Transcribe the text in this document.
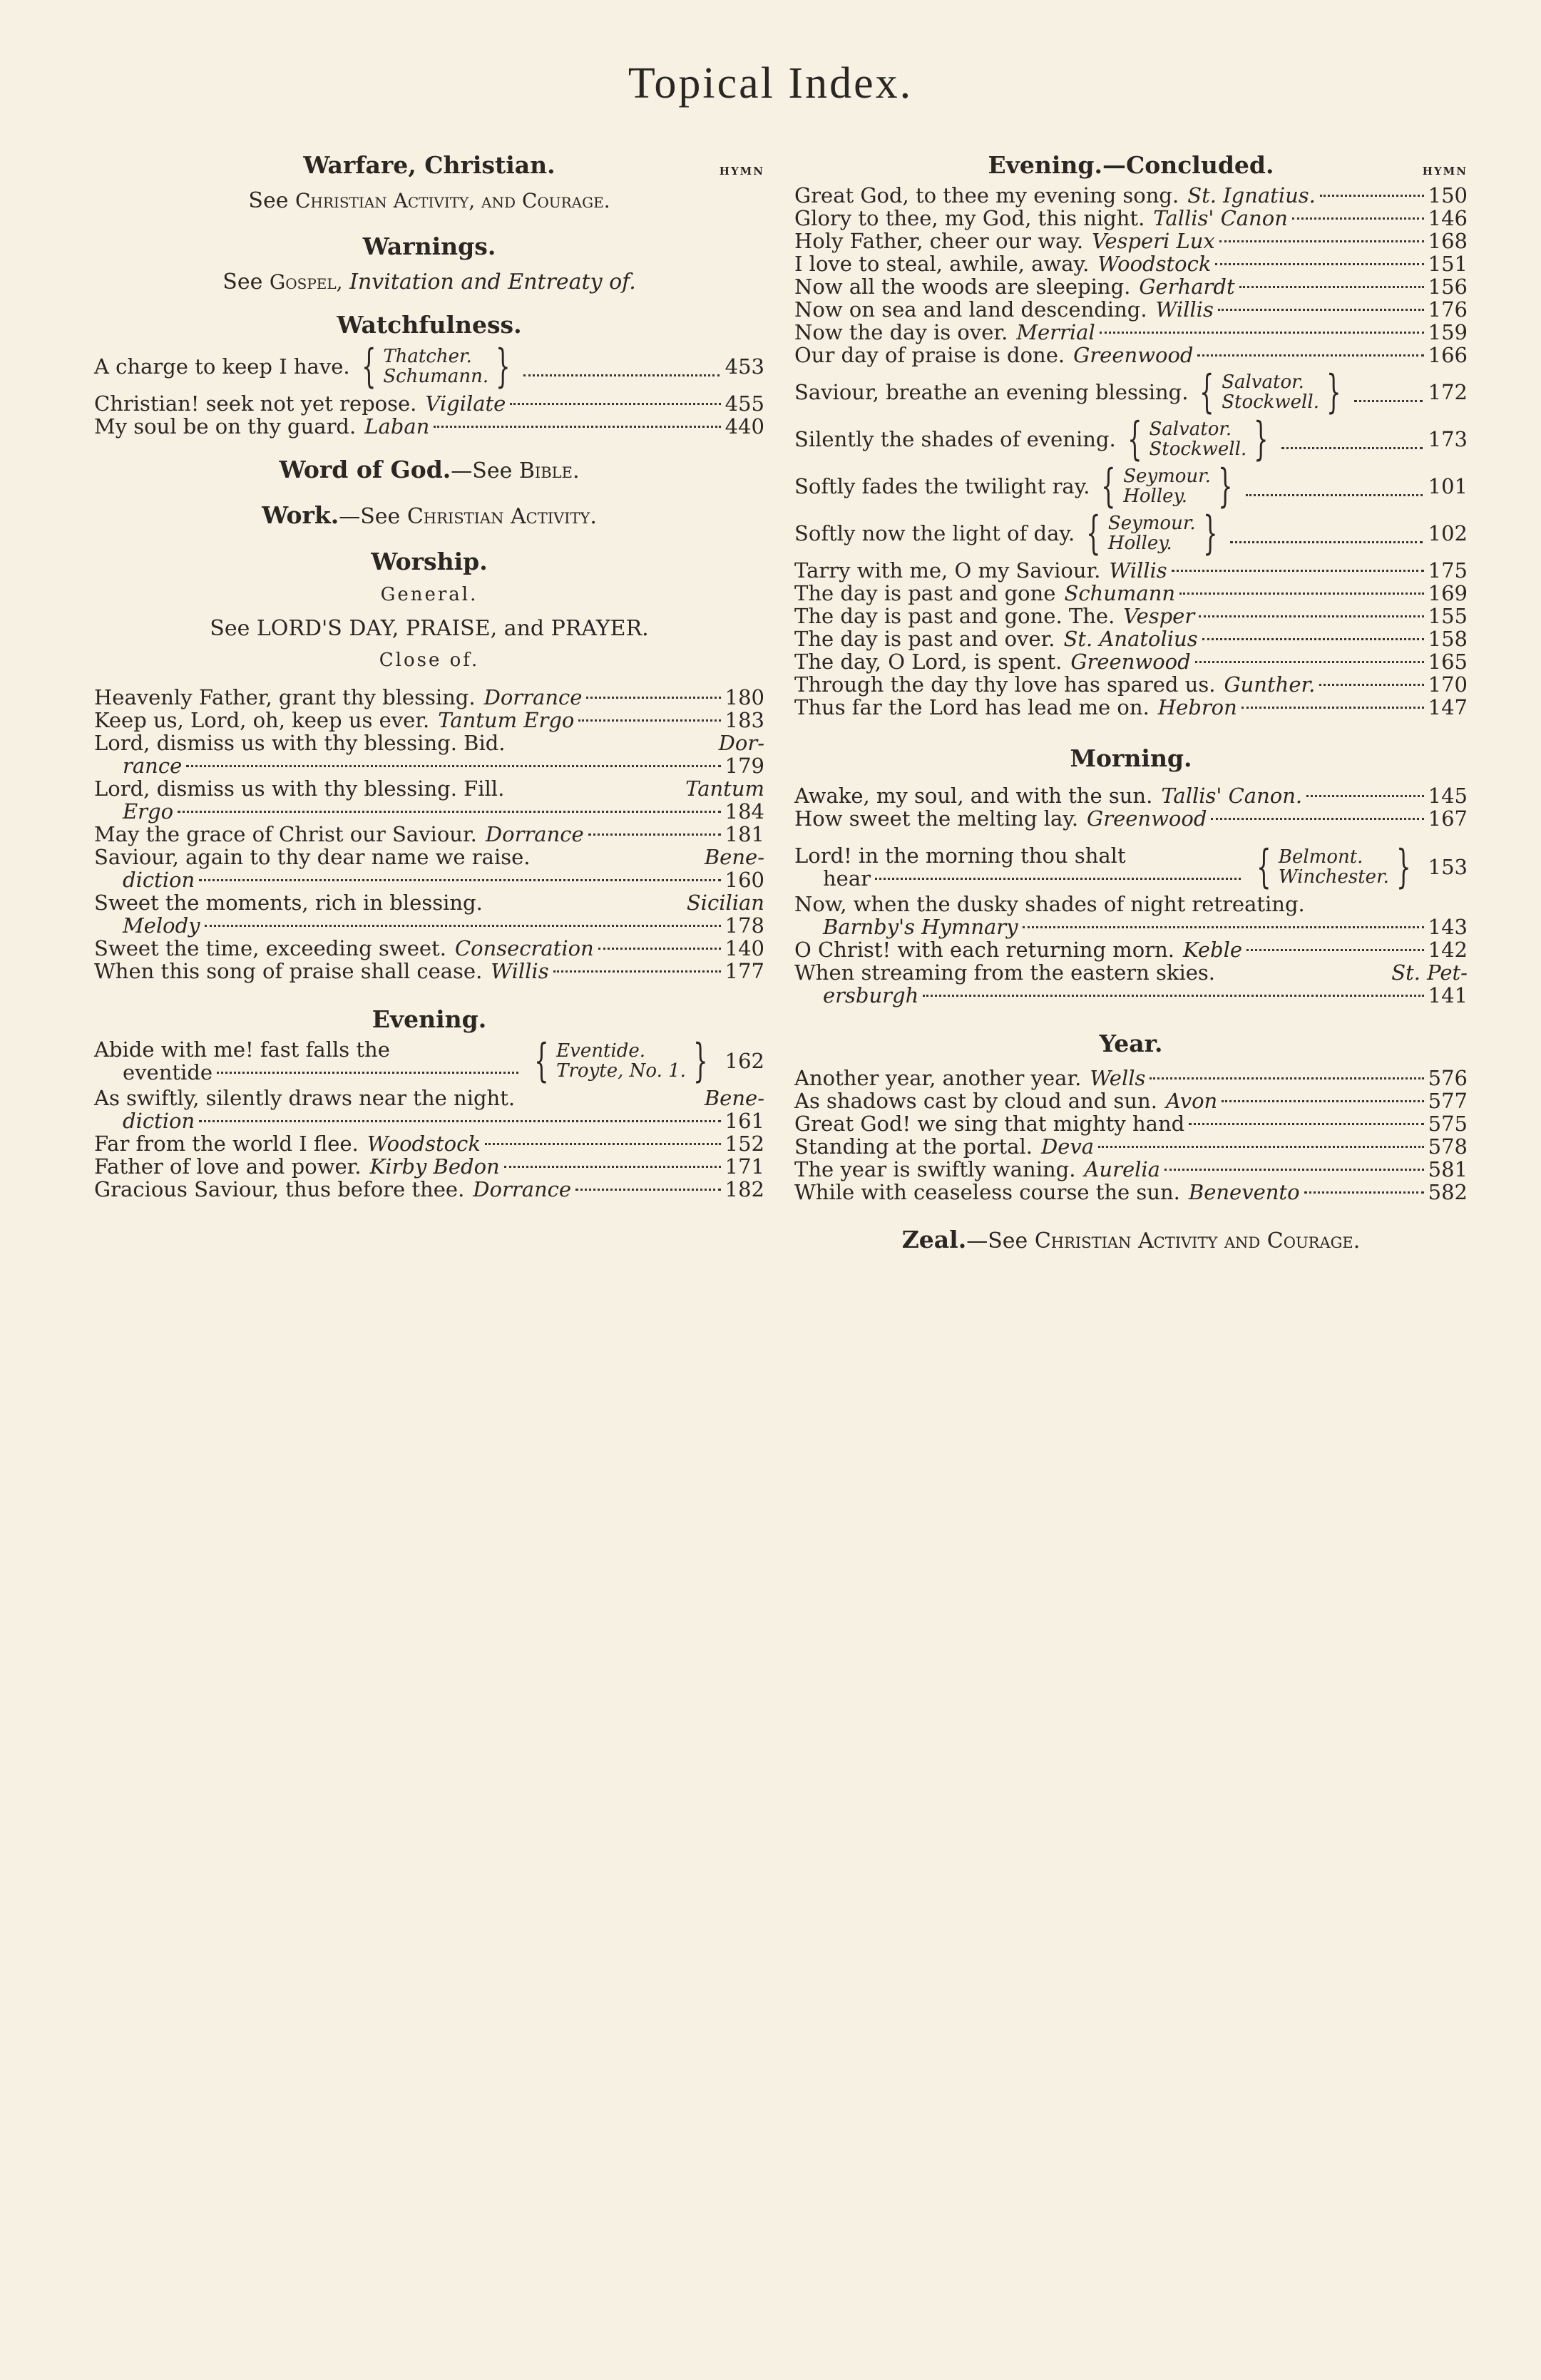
Topical Index.
Warfare, Christian.	HYMN
See Christian Activity, and Courage.
Warnings.
See Gospel, Invitation and Entreaty of.
Watchfulness.
A charge to keep I have. { Thatcher.
Schumann. }	453
Christian! seek not yet repose. Vigilate	455
My soul be on thy guard. Laban	440
Word of God.—See Bible.
Work.—See Christian Activity.
Worship.
General.
See LORD'S DAY, PRAISE, and PRAYER.
Close of.
Heavenly Father, grant thy blessing. Dorrance	180
Keep us, Lord, oh, keep us ever. Tantum Ergo	183
Lord, dismiss us with thy blessing. Bid.	Dor-
rance	179
Lord, dismiss us with thy blessing. Fill.	Tantum
Ergo	184
May the grace of Christ our Saviour. Dorrance	181
Saviour, again to thy dear name we raise.	Bene-
diction	160
Sweet the moments, rich in blessing.	Sicilian
Melody	178
Sweet the time, exceeding sweet. Consecration	140
When this song of praise shall cease. Willis	177
Evening.
Abide with me! fast falls the
eventide	{ Eventide.
Troyte, No. 1. } 162
As swiftly, silently draws near the night.	Bene-
diction	161
Far from the world I flee. Woodstock	152
Father of love and power. Kirby Bedon	171
Gracious Saviour, thus before thee. Dorrance	182
Evening.—Concluded.	HYMN
Great God, to thee my evening song. St. Ignatius.	150
Glory to thee, my God, this night. Tallis' Canon	146
Holy Father, cheer our way. Vesperi Lux	168
I love to steal, awhile, away. Woodstock	151
Now all the woods are sleeping. Gerhardt	156
Now on sea and land descending. Willis	176
Now the day is over. Merrial	159
Our day of praise is done. Greenwood	166
Saviour, breathe an evening blessing. { Salvator.
Stockwell. }	172
Silently the shades of evening. { Salvator.
Stockwell. }	173
Softly fades the twilight ray. { Seymour.
Holley. }	101
Softly now the light of day. { Seymour.
Holley. }	102
Tarry with me, O my Saviour. Willis	175
The day is past and gone Schumann	169
The day is past and gone. The. Vesper	155
The day is past and over. St. Anatolius	158
The day, O Lord, is spent. Greenwood	165
Through the day thy love has spared us. Gunther.	170
Thus far the Lord has lead me on. Hebron	147
Morning.
Awake, my soul, and with the sun. Tallis' Canon.	145
How sweet the melting lay. Greenwood	167
Lord! in the morning thou shalt
hear	{ Belmont.
Winchester. } 153
Now, when the dusky shades of night retreating.
Barnby's Hymnary	143
O Christ! with each returning morn. Keble	142
When streaming from the eastern skies.	St. Pet-
ersburgh	141
Year.
Another year, another year. Wells	576
As shadows cast by cloud and sun. Avon	577
Great God! we sing that mighty hand	575
Standing at the portal. Deva	578
The year is swiftly waning. Aurelia	581
While with ceaseless course the sun. Benevento	582
Zeal.—See Christian Activity and Courage.
